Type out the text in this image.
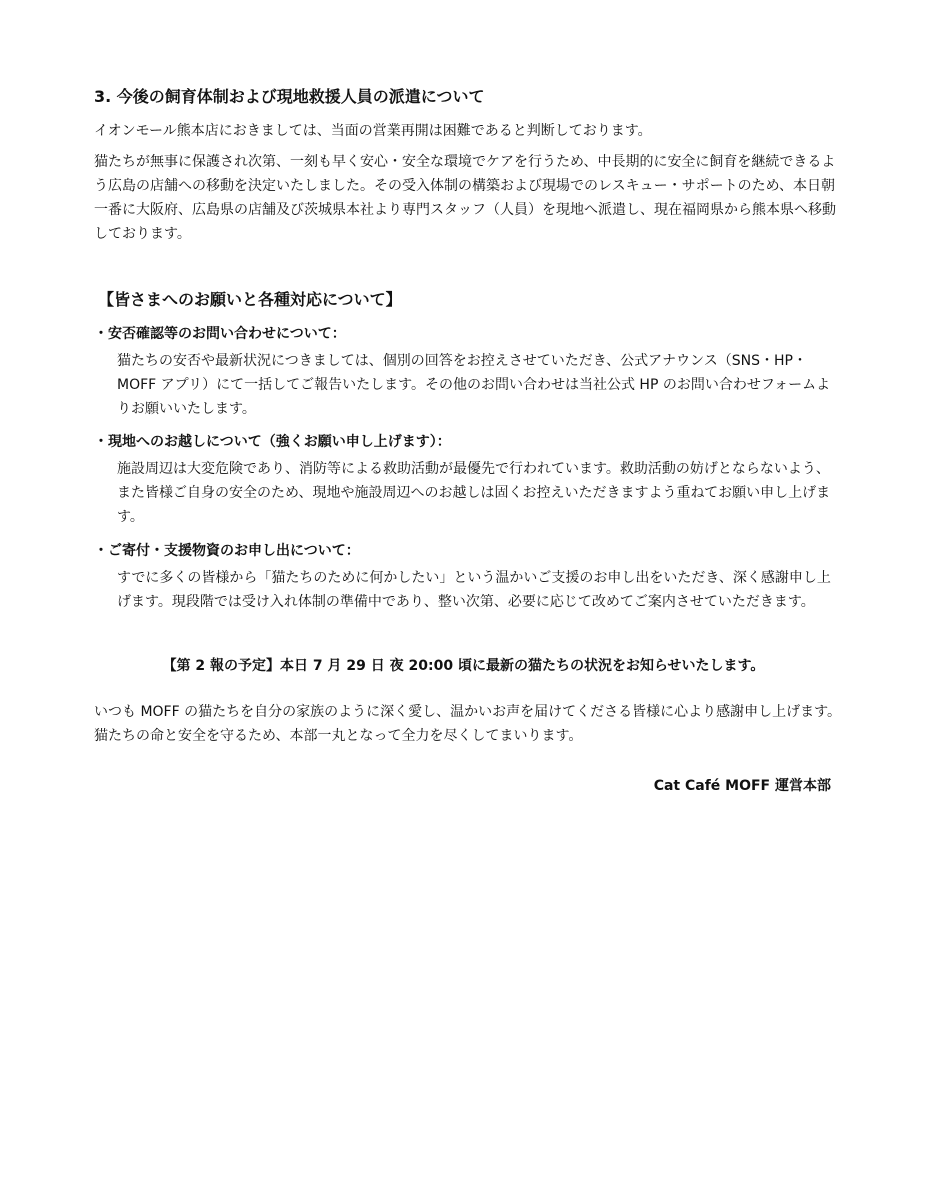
3. 今後の飼育体制および現地救援人員の派遣について

イオンモール熊本店におきましては、当面の営業再開は困難であると判断しております。

猫たちが無事に保護され次第、一刻も早く安心・安全な環境でケアを行うため、中長期的に安全に飼育を継続できるよう広島の店舗への移動を決定いたしました。その受入体制の構築および現場でのレスキュー・サポートのため、本日朝一番に大阪府、広島県の店舗及び茨城県本社より専門スタッフ（人員）を現地へ派遣し、現在福岡県から熊本県へ移動しております。

【皆さまへのお願いと各種対応について】
・安否確認等のお問い合わせについて：

猫たちの安否や最新状況につきましては、個別の回答をお控えさせていただき、公式アナウンス（SNS・HP・MOFF アプリ）にて一括してご報告いたします。その他のお問い合わせは当社公式 HP のお問い合わせフォームよりお願いいたします。

・現地へのお越しについて（強くお願い申し上げます）：

施設周辺は大変危険であり、消防等による救助活動が最優先で行われています。救助活動の妨げとならないよう、また皆様ご自身の安全のため、現地や施設周辺へのお越しは固くお控えいただきますよう重ねてお願い申し上げます。

・ご寄付・支援物資のお申し出について：

すでに多くの皆様から「猫たちのために何かしたい」という温かいご支援のお申し出をいただき、深く感謝申し上げます。現段階では受け入れ体制の準備中であり、整い次第、必要に応じて改めてご案内させていただきます。

【第 2 報の予定】本日 7 月 29 日 夜 20:00 頃に最新の猫たちの状況をお知らせいたします。

いつも MOFF の猫たちを自分の家族のように深く愛し、温かいお声を届けてくださる皆様に心より感謝申し上げます。猫たちの命と安全を守るため、本部一丸となって全力を尽くしてまいります。

Cat Café MOFF 運営本部
